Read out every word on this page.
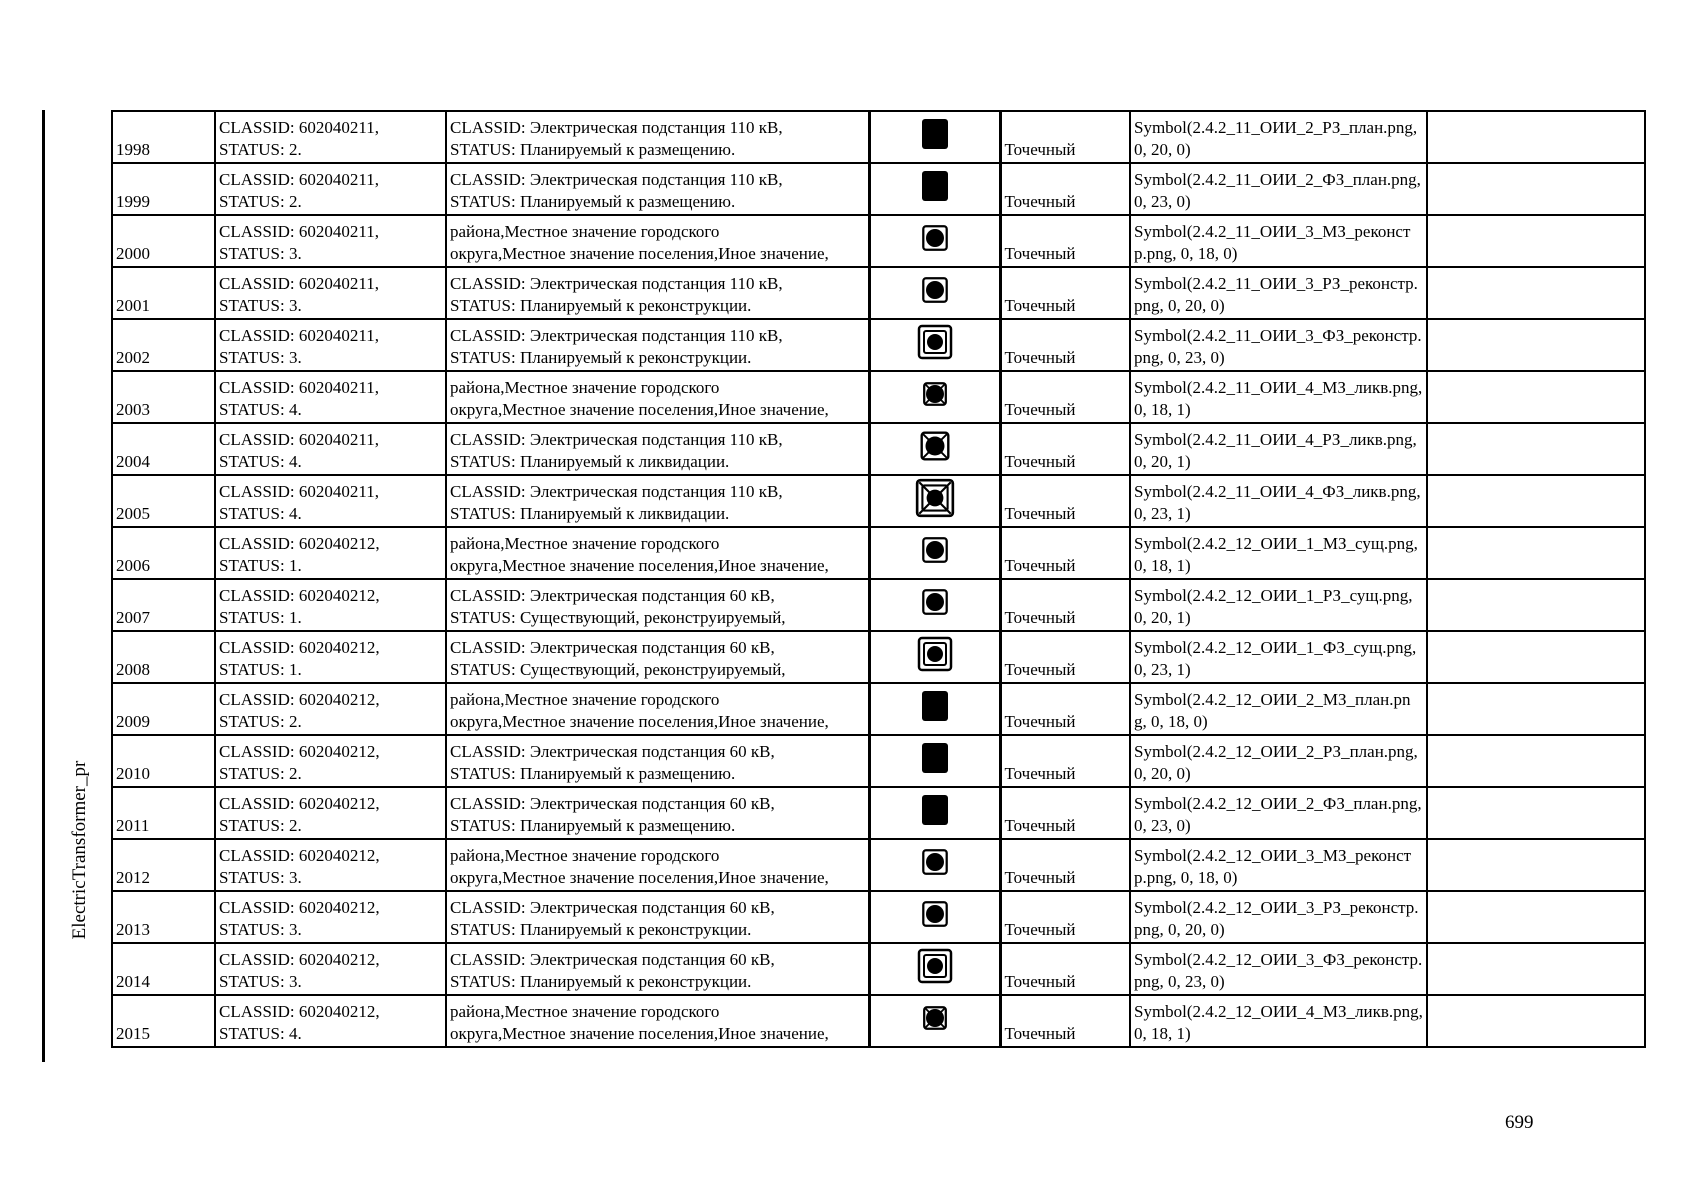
ElectricTransformer_pr
1998	CLASSID: 602040211,
STATUS: 2.	CLASSID: Электрическая подстанция 110 кВ,
STATUS: Планируемый к размещению.		Точечный	Symbol(2.4.2_11_ОИИ_2_РЗ_план.png, 0, 20, 0)	
1999	CLASSID: 602040211,
STATUS: 2.	CLASSID: Электрическая подстанция 110 кВ,
STATUS: Планируемый к размещению.		Точечный	Symbol(2.4.2_11_ОИИ_2_ФЗ_план.png, 0, 23, 0)	
2000	CLASSID: 602040211,
STATUS: 3.	района,Местное значение городского
округа,Местное значение поселения,Иное значение,		Точечный	Symbol(2.4.2_11_ОИИ_3_МЗ_реконстр.png, 0, 18, 0)	
2001	CLASSID: 602040211,
STATUS: 3.	CLASSID: Электрическая подстанция 110 кВ,
STATUS: Планируемый к реконструкции.		Точечный	Symbol(2.4.2_11_ОИИ_3_РЗ_реконстр.png, 0, 20, 0)	
2002	CLASSID: 602040211,
STATUS: 3.	CLASSID: Электрическая подстанция 110 кВ,
STATUS: Планируемый к реконструкции.		Точечный	Symbol(2.4.2_11_ОИИ_3_ФЗ_реконстр.png, 0, 23, 0)	
2003	CLASSID: 602040211,
STATUS: 4.	района,Местное значение городского
округа,Местное значение поселения,Иное значение,		Точечный	Symbol(2.4.2_11_ОИИ_4_МЗ_ликв.png, 0, 18, 1)	
2004	CLASSID: 602040211,
STATUS: 4.	CLASSID: Электрическая подстанция 110 кВ,
STATUS: Планируемый к ликвидации.		Точечный	Symbol(2.4.2_11_ОИИ_4_РЗ_ликв.png, 0, 20, 1)	
2005	CLASSID: 602040211,
STATUS: 4.	CLASSID: Электрическая подстанция 110 кВ,
STATUS: Планируемый к ликвидации.		Точечный	Symbol(2.4.2_11_ОИИ_4_ФЗ_ликв.png, 0, 23, 1)	
2006	CLASSID: 602040212,
STATUS: 1.	района,Местное значение городского
округа,Местное значение поселения,Иное значение,		Точечный	Symbol(2.4.2_12_ОИИ_1_МЗ_сущ.png, 0, 18, 1)	
2007	CLASSID: 602040212,
STATUS: 1.	CLASSID: Электрическая подстанция 60 кВ,
STATUS: Существующий, реконструируемый,		Точечный	Symbol(2.4.2_12_ОИИ_1_РЗ_сущ.png, 0, 20, 1)	
2008	CLASSID: 602040212,
STATUS: 1.	CLASSID: Электрическая подстанция 60 кВ,
STATUS: Существующий, реконструируемый,		Точечный	Symbol(2.4.2_12_ОИИ_1_ФЗ_сущ.png, 0, 23, 1)	
2009	CLASSID: 602040212,
STATUS: 2.	района,Местное значение городского
округа,Местное значение поселения,Иное значение,		Точечный	Symbol(2.4.2_12_ОИИ_2_МЗ_план.png, 0, 18, 0)	
2010	CLASSID: 602040212,
STATUS: 2.	CLASSID: Электрическая подстанция 60 кВ,
STATUS: Планируемый к размещению.		Точечный	Symbol(2.4.2_12_ОИИ_2_РЗ_план.png, 0, 20, 0)	
2011	CLASSID: 602040212,
STATUS: 2.	CLASSID: Электрическая подстанция 60 кВ,
STATUS: Планируемый к размещению.		Точечный	Symbol(2.4.2_12_ОИИ_2_ФЗ_план.png, 0, 23, 0)	
2012	CLASSID: 602040212,
STATUS: 3.	района,Местное значение городского
округа,Местное значение поселения,Иное значение,		Точечный	Symbol(2.4.2_12_ОИИ_3_МЗ_реконстр.png, 0, 18, 0)	
2013	CLASSID: 602040212,
STATUS: 3.	CLASSID: Электрическая подстанция 60 кВ,
STATUS: Планируемый к реконструкции.		Точечный	Symbol(2.4.2_12_ОИИ_3_РЗ_реконстр.png, 0, 20, 0)	
2014	CLASSID: 602040212,
STATUS: 3.	CLASSID: Электрическая подстанция 60 кВ,
STATUS: Планируемый к реконструкции.		Точечный	Symbol(2.4.2_12_ОИИ_3_ФЗ_реконстр.png, 0, 23, 0)	
2015	CLASSID: 602040212,
STATUS: 4.	района,Местное значение городского
округа,Местное значение поселения,Иное значение,		Точечный	Symbol(2.4.2_12_ОИИ_4_МЗ_ликв.png, 0, 18, 1)	
699
